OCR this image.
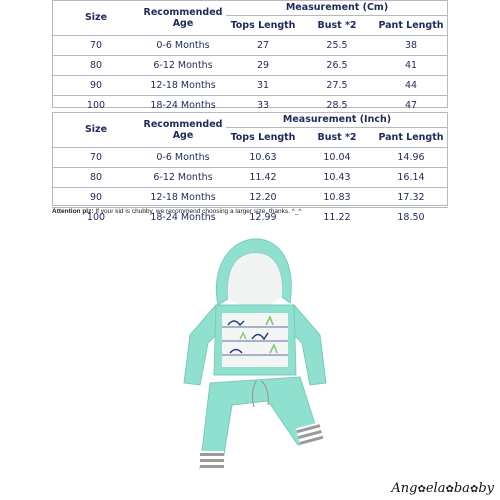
Size	Recommended Age	Measurement (Cm)		
		Tops Length	Bust *2	Pant Length
70	0-6 Months	27	25.5	38
80	6-12 Months	29	26.5	41
90	12-18 Months	31	27.5	44
100	18-24 Months	33	28.5	47
Size	Recommended Age	Measurement (Inch)		
		Tops Length	Bust *2	Pant Length
70	0-6 Months	10.63	10.04	14.96
80	6-12 Months	11.42	10.43	16.14
90	12-18 Months	12.20	10.83	17.32
100	18-24 Months	12.99	11.22	18.50
Attention plz: If your kid is chubby, we recommend choosing a larger size, thanks. ^_^
Ang✿ela✿ba✿by
